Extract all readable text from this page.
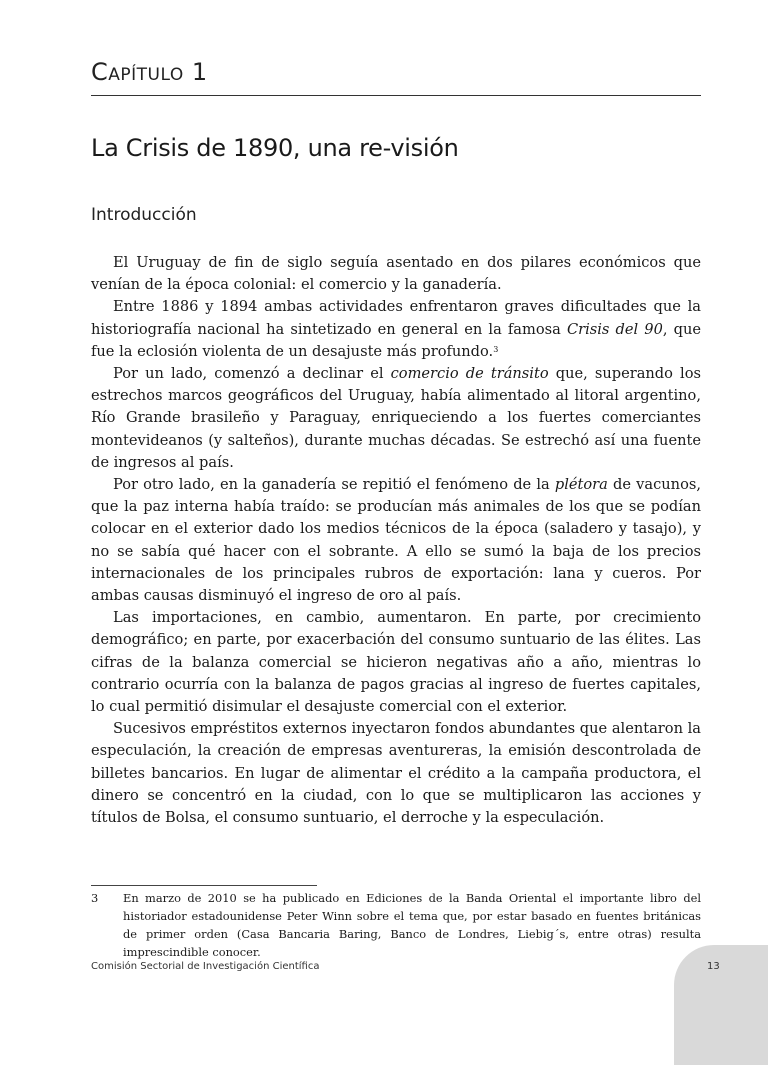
Capítulo 1
La Crisis de 1890, una re-visión
Introducción

El Uruguay de fin de siglo seguía asentado en dos pilares económicos que venían de la época colonial: el comercio y la ganadería.

Entre 1886 y 1894 ambas actividades enfrentaron graves dificultades que la historiografía nacional ha sintetizado en general en la famosa Crisis del 90, que fue la eclosión violenta de un desajuste más profundo.$^3$

Por un lado, comenzó a declinar el comercio de tránsito que, superando los estrechos marcos geográficos del Uruguay, había alimentado al litoral argentino, Río Grande brasileño y Paraguay, enriqueciendo a los fuertes comerciantes montevideanos (y salteños), durante muchas décadas. Se estrechó así una fuente de ingresos al país.

Por otro lado, en la ganadería se repitió el fenómeno de la plétora de vacunos, que la paz interna había traído: se producían más animales de los que se podían colocar en el exterior dado los medios técnicos de la época (saladero y tasajo), y no se sabía qué hacer con el sobrante. A ello se sumó la baja de los precios internacionales de los principales rubros de exportación: lana y cueros. Por ambas causas disminuyó el ingreso de oro al país.

Las importaciones, en cambio, aumentaron. En parte, por crecimiento demográfico; en parte, por exacerbación del consumo suntuario de las élites. Las cifras de la balanza comercial se hicieron negativas año a año, mientras lo contrario ocurría con la balanza de pagos gracias al ingreso de fuertes capitales, lo cual permitió disimular el desajuste comercial con el exterior.

Sucesivos empréstitos externos inyectaron fondos abundantes que alentaron la especulación, la creación de empresas aventureras, la emisión descontrolada de billetes bancarios. En lugar de alimentar el crédito a la campaña productora, el dinero se concentró en la ciudad, con lo que se multiplicaron las acciones y títulos de Bolsa, el consumo suntuario, el derroche y la especulación.

3	En marzo de 2010 se ha publicado en Ediciones de la Banda Oriental el importante libro del historiador estadounidense Peter Winn sobre el tema que, por estar basado en fuentes británicas de primer orden (Casa Bancaria Baring, Banco de Londres, Liebig´s, entre otras) resulta imprescindible conocer.
Comisión Sectorial de Investigación Científica	13
